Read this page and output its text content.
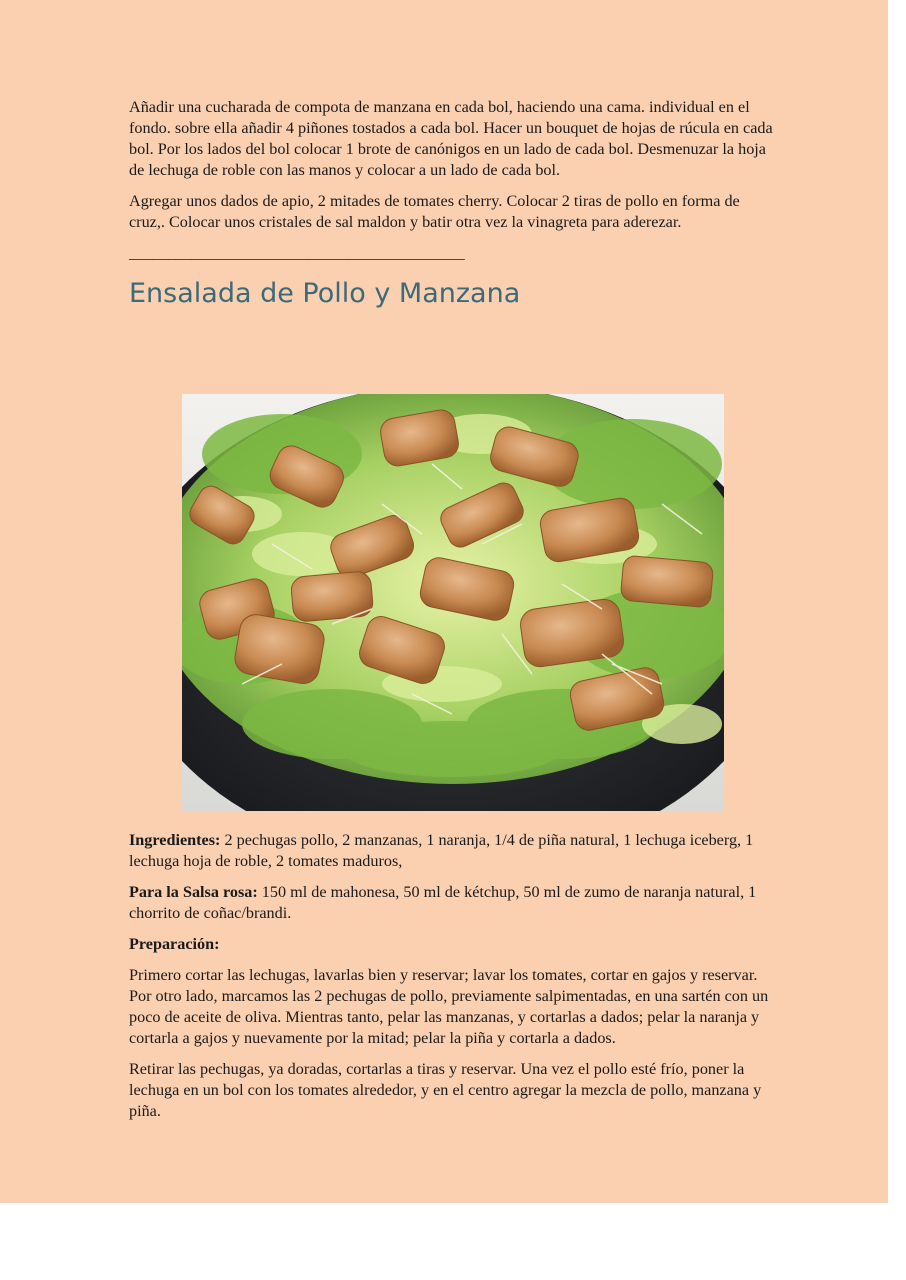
Añadir una cucharada de compota de manzana en cada bol, haciendo una cama. individual en el fondo. sobre ella añadir 4 piñones tostados a cada bol. Hacer un bouquet de hojas de rúcula en cada bol. Por los lados del bol colocar 1 brote de canónigos en un lado de cada bol. Desmenuzar la hoja de lechuga de roble con las manos y colocar a un lado de cada bol.

Agregar unos dados de apio, 2 mitades de tomates cherry. Colocar 2 tiras de pollo en forma de cruz,. Colocar unos cristales de sal maldon y batir otra vez la vinagreta para aderezar.

___________________________________________
Ensalada de Pollo y Manzana

Ingredientes: 2 pechugas pollo, 2 manzanas, 1 naranja, 1/4 de piña natural, 1 lechuga iceberg, 1 lechuga hoja de roble, 2 tomates maduros,

Para la Salsa rosa: 150 ml de mahonesa, 50 ml de kétchup, 50 ml de zumo de naranja natural, 1 chorrito de coñac/brandi.

Preparación:

Primero cortar las lechugas, lavarlas bien y reservar; lavar los tomates, cortar en gajos y reservar. Por otro lado, marcamos las 2 pechugas de pollo, previamente salpimentadas, en una sartén con un poco de aceite de oliva. Mientras tanto, pelar las manzanas, y cortarlas a dados; pelar la naranja y cortarla a gajos y nuevamente por la mitad; pelar la piña y cortarla a dados.

Retirar las pechugas, ya doradas, cortarlas a tiras y reservar. Una vez el pollo esté frío, poner la lechuga en un bol con los tomates alrededor, y en el centro agregar la mezcla de pollo, manzana y piña.
